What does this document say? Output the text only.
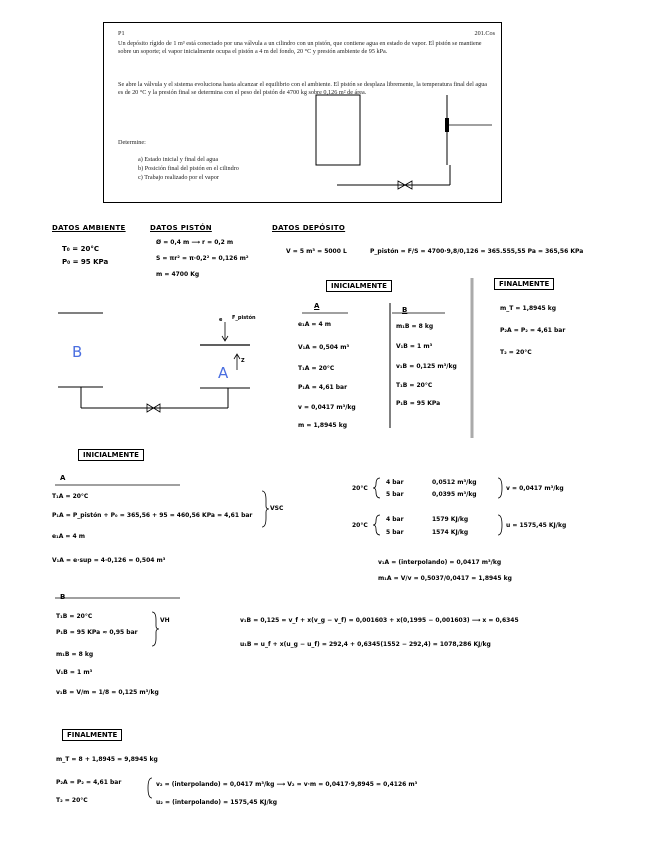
P1	201.Cos
Un depósito rígido de 1 m³ está conectado por una válvula a un cilindro con un pistón, que contiene agua en estado de vapor. El pistón se mantiene sobre un soporte; el vapor inicialmente ocupa el pistón a 4 m del fondo, 20 °C y presión ambiente de 95 kPa.
Se abre la válvula y el sistema evoluciona hasta alcanzar el equilibrio con el ambiente. El pistón se desplaza libremente, la temperatura final del agua es de 20 °C y la presión final se determina con el peso del pistón de 4700 kg sobre 0,126 m² de área.
Determine:
a) Estado inicial y final del agua
b) Posición final del pistón en el cilindro
c) Trabajo realizado por el vapor
DATOS AMBIENTE
T₀ = 20°C
P₀ = 95 KPa
DATOS PISTÓN
Ø = 0,4 m ⟶ r = 0,2 m
S = πr² = π·0,2² = 0,126 m²
m = 4700 Kg
DATOS DEPÓSITO
V = 5 m³ = 5000 L	P_pistón = F/S = 4700·9,8/0,126 = 365.555,55 Pa = 365,56 KPa
INICIALMENTE	FINALMENTE
A
e₁A = 4 m
V₁A = 0,504 m³
T₁A = 20°C
P₁A = 4,61 bar
v = 0,0417 m³/kg
m = 1,8945 kg
B
m₁B = 8 kg
V₁B = 1 m³
v₁B = 0,125 m³/kg
T₁B = 20°C
P₁B = 95 KPa
m_T = 1,8945 kg
P₂A = P₂ = 4,61 bar
T₂ = 20°C
B
A
F_pistón
e
Z
INICIALMENTE
A
T₁A = 20°C
P₁A = P_pistón + P₀ = 365,56 + 95 = 460,56 KPa = 4,61 bar
e₁A = 4 m
V₁A = e·sup = 4·0,126 = 0,504 m³
VSC
20°C
4 bar	0,0512 m³/kg
5 bar	0,0395 m³/kg
v = 0,0417 m³/kg
20°C
4 bar	1579 KJ/kg
5 bar	1574 KJ/kg
u = 1575,45 KJ/kg
v₁A = (interpolando) = 0,0417 m³/kg
m₁A = V/v = 0,5037/0,0417 = 1,8945 kg
B
T₁B = 20°C
P₁B = 95 KPa ≈ 0,95 bar
m₁B = 8 kg
V₁B = 1 m³
v₁B = V/m = 1/8 = 0,125 m³/kg
VH	v₁B = 0,125 = v_f + x(v_g − v_f) = 0,001603 + x(0,1995 − 0,001603) ⟶ x = 0,6345
u₁B = u_f + x(u_g − u_f) = 292,4 + 0,6345(1552 − 292,4) = 1078,286 KJ/kg
FINALMENTE
m_T = 8 + 1,8945 = 9,8945 kg
P₂A = P₂ = 4,61 bar
T₂ = 20°C
v₂ = (interpolando) = 0,0417 m³/kg ⟶ V₂ = v·m = 0,0417·9,8945 = 0,4126 m³
u₂ = (interpolando) = 1575,45 KJ/kg
